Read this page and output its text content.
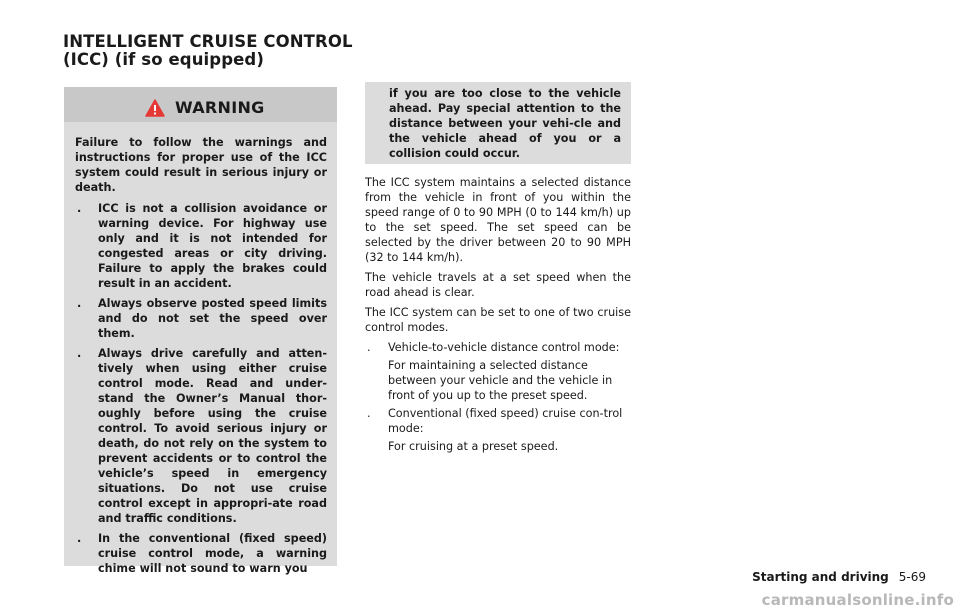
INTELLIGENT CRUISE CONTROL
(ICC) (if so equipped)
WARNING

Failure to follow the warnings and instructions for proper use of the ICC system could result in serious injury or death.

. ICC is not a collision avoidance or warning device. For highway use only and it is not intended for congested areas or city driving. Failure to apply the brakes could result in an accident.
. Always observe posted speed limits and do not set the speed over them.
. Always drive carefully and atten-tively when using either cruise control mode. Read and under-stand the Owner’s Manual thor-oughly before using the cruise control. To avoid serious injury or death, do not rely on the system to prevent accidents or to control the vehicle’s speed in emergency situations. Do not use cruise control except in appropri-ate road and traffic conditions.
. In the conventional (fixed speed) cruise control mode, a warning chime will not sound to warn you
if you are too close to the vehicle ahead. Pay special attention to the distance between your vehi-cle and the vehicle ahead of you or a collision could occur.

The ICC system maintains a selected distance from the vehicle in front of you within the speed range of 0 to 90 MPH (0 to 144 km/h) up to the set speed. The set speed can be selected by the driver between 20 to 90 MPH (32 to 144 km/h).

The vehicle travels at a set speed when the road ahead is clear.

The ICC system can be set to one of two cruise control modes.

. Vehicle-to-vehicle distance control mode:
For maintaining a selected distance between your vehicle and the vehicle in front of you up to the preset speed.
. Conventional (fixed speed) cruise con-trol mode:
For cruising at a preset speed.
Starting and driving 5-69
carmanualsonline.info
